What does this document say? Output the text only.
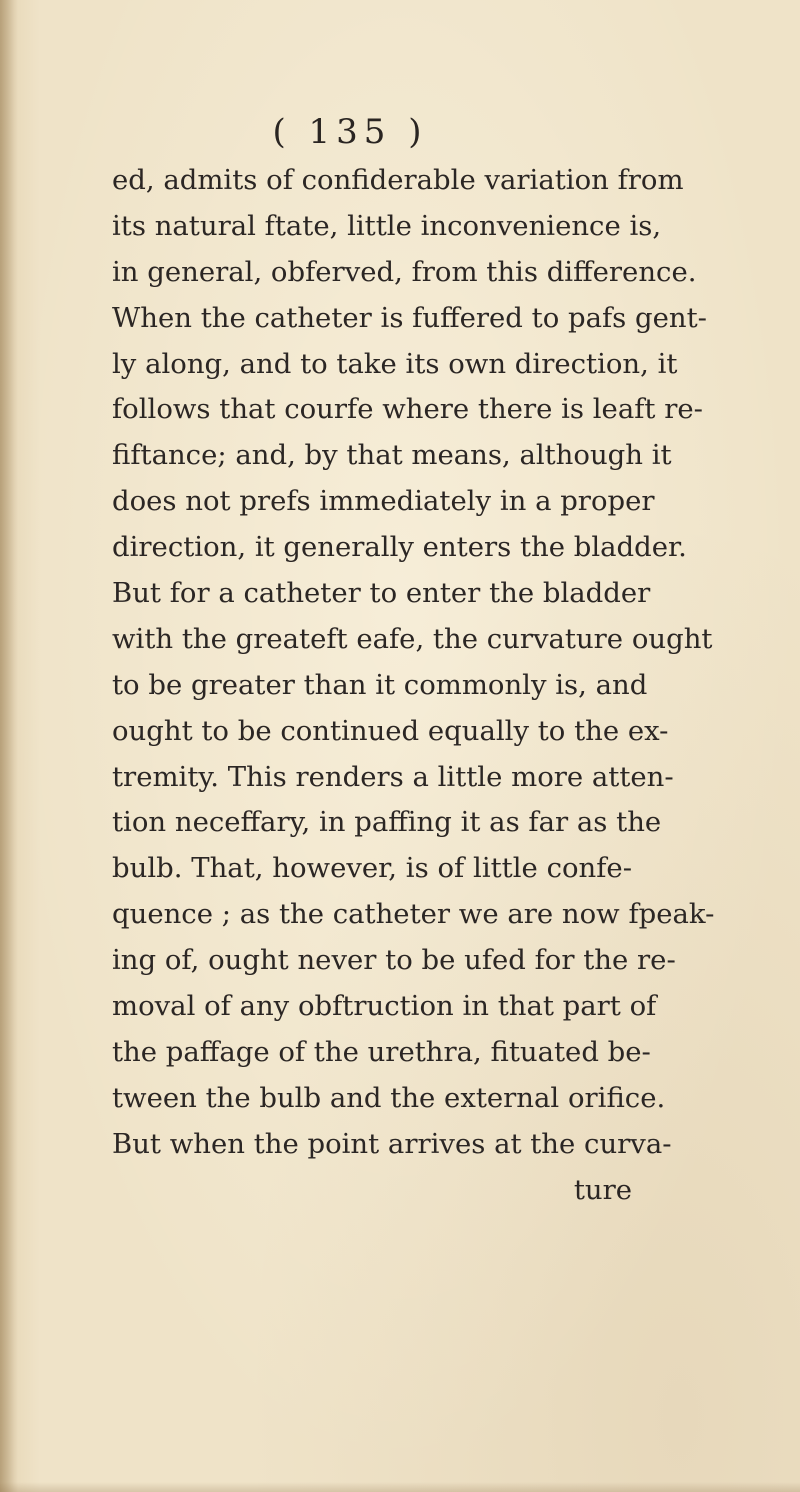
( 135 )
ed, admits of confiderable variation from
its natural ftate, little inconvenience is,
in general, obferved, from this difference.
When the catheter is fuffered to pafs gent-
ly along, and to take its own direction, it
follows that courfe where there is leaft re-
fiftance; and, by that means, although it
does not prefs immediately in a proper
direction, it generally enters the bladder.
But for a catheter to enter the bladder
with the greateft eafe, the curvature ought
to be greater than it commonly is, and
ought to be continued equally to the ex-
tremity. This renders a little more atten-
tion neceffary, in paffing it as far as the
bulb. That, however, is of little confe-
quence ; as the catheter we are now fpeak-
ing of, ought never to be ufed for the re-
moval of any obftruction in that part of
the paffage of the urethra, fituated be-
tween the bulb and the external orifice.
But when the point arrives at the curva-
ture
